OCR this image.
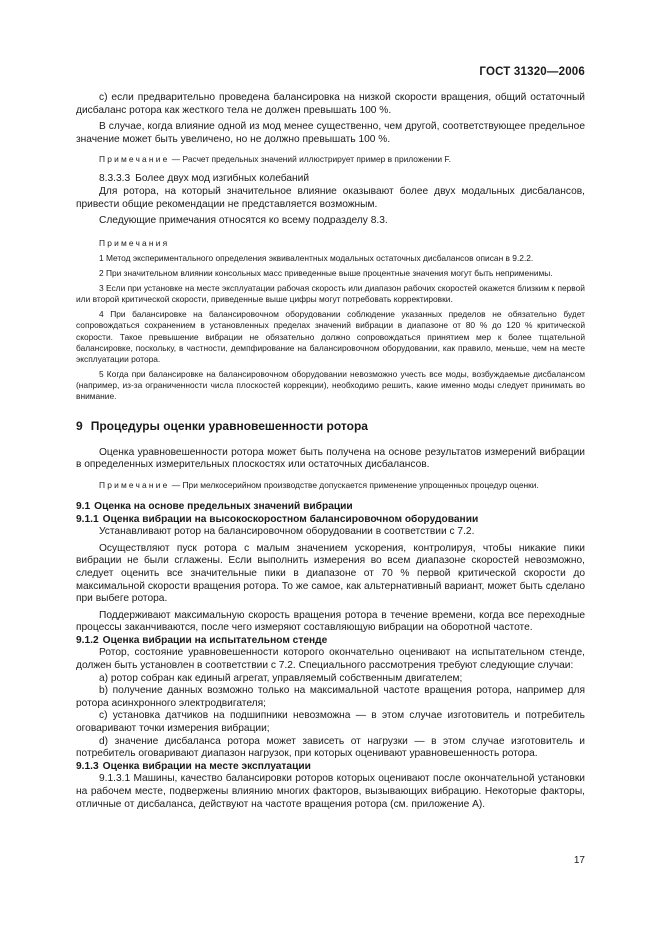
ГОСТ 31320—2006

c) если предварительно проведена балансировка на низкой скорости вращения, общий остаточный дисбаланс ротора как жесткого тела не должен превышать 100 %.

В случае, когда влияние одной из мод менее существенно, чем другой, соответствующее предельное значение может быть увеличено, но не должно превышать 100 %.

Примечание — Расчет предельных значений иллюстрирует пример в приложении F.

8.3.3.3 Более двух мод изгибных колебаний

Для ротора, на который значительное влияние оказывают более двух модальных дисбалансов, привести общие рекомендации не представляется возможным.

Следующие примечания относятся ко всему подразделу 8.3.

Примечания

1 Метод экспериментального определения эквивалентных модальных остаточных дисбалансов описан в 9.2.2.

2 При значительном влиянии консольных масс приведенные выше процентные значения могут быть неприменимы.

3 Если при установке на месте эксплуатации рабочая скорость или диапазон рабочих скоростей окажется близким к первой или второй критической скорости, приведенные выше цифры могут потребовать корректировки.

4 При балансировке на балансировочном оборудовании соблюдение указанных пределов не обязательно будет сопровождаться сохранением в установленных пределах значений вибрации в диапазоне от 80 % до 120 % критической скорости. Такое превышение вибрации не обязательно должно сопровождаться принятием мер к более тщательной балансировке, поскольку, в частности, демпфирование на балансировочном оборудовании, как правило, меньше, чем на месте эксплуатации ротора.

5 Когда при балансировке на балансировочном оборудовании невозможно учесть все моды, возбуждаемые дисбалансом (например, из-за ограниченности числа плоскостей коррекции), необходимо решить, какие именно моды следует принимать во внимание.

9 Процедуры оценки уравновешенности ротора

Оценка уравновешенности ротора может быть получена на основе результатов измерений вибрации в определенных измерительных плоскостях или остаточных дисбалансов.

Примечание — При мелкосерийном производстве допускается применение упрощенных процедур оценки.

9.1 Оценка на основе предельных значений вибрации

9.1.1 Оценка вибрации на высокоскоростном балансировочном оборудовании

Устанавливают ротор на балансировочном оборудовании в соответствии с 7.2.

Осуществляют пуск ротора с малым значением ускорения, контролируя, чтобы никакие пики вибрации не были сглажены. Если выполнить измерения во всем диапазоне скоростей невозможно, следует оценить все значительные пики в диапазоне от 70 % первой критической скорости до максимальной скорости вращения ротора. То же самое, как альтернативный вариант, может быть сделано при выбеге ротора.

Поддерживают максимальную скорость вращения ротора в течение времени, когда все переходные процессы заканчиваются, после чего измеряют составляющую вибрации на оборотной частоте.

9.1.2 Оценка вибрации на испытательном стенде

Ротор, состояние уравновешенности которого окончательно оценивают на испытательном стенде, должен быть установлен в соответствии с 7.2. Специального рассмотрения требуют следующие случаи:

a) ротор собран как единый агрегат, управляемый собственным двигателем;

b) получение данных возможно только на максимальной частоте вращения ротора, например для ротора асинхронного электродвигателя;

c) установка датчиков на подшипники невозможна — в этом случае изготовитель и потребитель оговаривают точки измерения вибрации;

d) значение дисбаланса ротора может зависеть от нагрузки — в этом случае изготовитель и потребитель оговаривают диапазон нагрузок, при которых оценивают уравновешенность ротора.

9.1.3 Оценка вибрации на месте эксплуатации

9.1.3.1 Машины, качество балансировки роторов которых оценивают после окончательной установки на рабочем месте, подвержены влиянию многих факторов, вызывающих вибрацию. Некоторые факторы, отличные от дисбаланса, действуют на частоте вращения ротора (см. приложение А).

17
